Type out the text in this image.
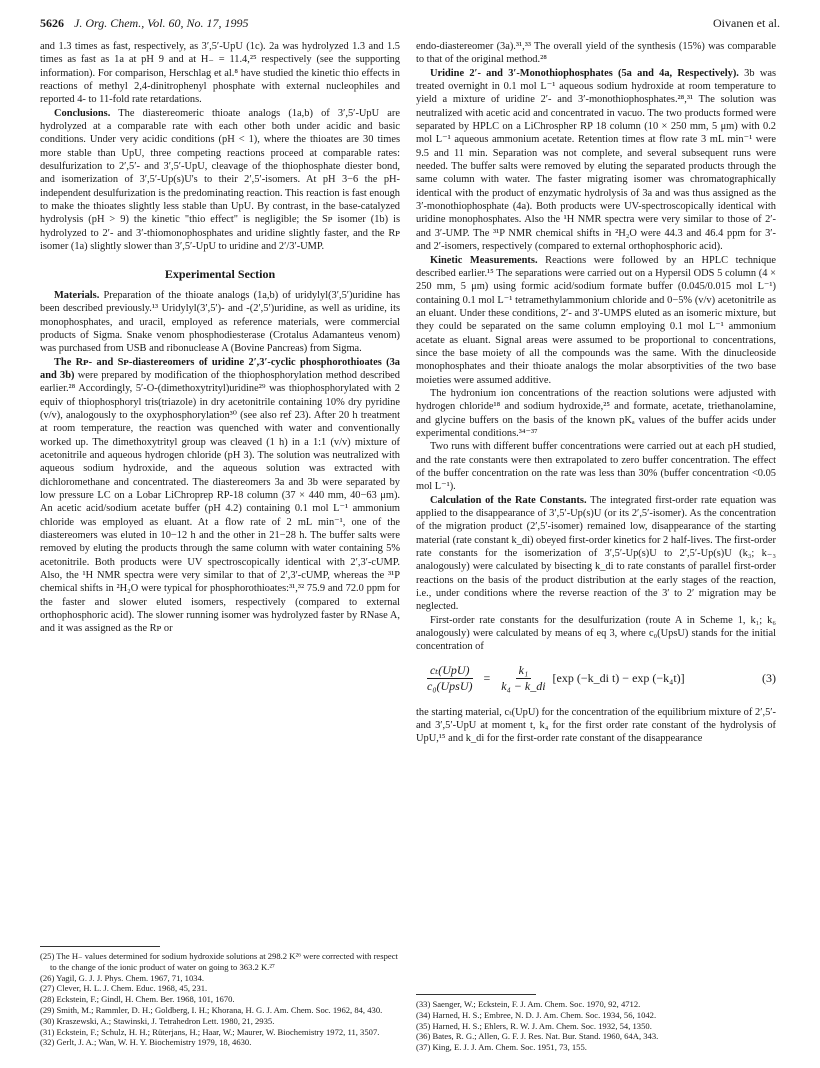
5626 J. Org. Chem., Vol. 60, No. 17, 1995	Oivanen et al.

and 1.3 times as fast, respectively, as 3′,5′-UpU (1c). 2a was hydrolyzed 1.3 and 1.5 times as fast as 1a at pH 9 and at H₋ = 11.4,²⁵ respectively (see the supporting information). For comparison, Herschlag et al.⁸ have studied the kinetic thio effects in reactions of methyl 2,4-dinitrophenyl phosphate with external nucleophiles and reported 4- to 11-fold rate retardations.

Conclusions. The diastereomeric thioate analogs (1a,b) of 3′,5′-UpU are hydrolyzed at a comparable rate with each other both under acidic and basic conditions. Under very acidic conditions (pH < 1), where the thioates are 30 times more stable than UpU, three competing reactions proceed at comparable rates: desulfurization to 2′,5′- and 3′,5′-UpU, cleavage of the thiophosphate diester bond, and isomerization of 3′,5′-Up(s)U's to their 2′,5′-isomers. At pH 3−6 the pH-independent desulfurization is the predominating reaction. This reaction is fast enough to make the thioates slightly less stable than UpU. By contrast, in the base-catalyzed hydrolysis (pH > 9) the kinetic "thio effect" is negligible; the Sᴘ isomer (1b) is hydrolyzed to 2′- and 3′-thiomonophosphates and uridine slightly faster, and the Rᴘ isomer (1a) slightly slower than 3′,5′-UpU to uridine and 2′/3′-UMP.

Experimental Section

Materials. Preparation of the thioate analogs (1a,b) of uridylyl(3′,5′)uridine has been described previously.¹³ Uridylyl(3′,5′)- and -(2′,5′)uridine, as well as uridine, its monophosphates, and uracil, employed as reference materials, were commercial products of Sigma. Snake venom phosphodiesterase (Crotalus Adamanteus venom) was purchased from USB and ribonuclease A (Bovine Pancreas) from Sigma.

The Rᴘ- and Sᴘ-diastereomers of uridine 2′,3′-cyclic phosphorothioates (3a and 3b) were prepared by modification of the thiophosphorylation method described earlier.²⁸ Accordingly, 5′-O-(dimethoxytrityl)uridine²⁹ was thiophosphorylated with 2 equiv of thiophosphoryl tris(triazole) in dry acetonitrile containing 10% dry pyridine (v/v), analogously to the oxyphosphorylation³⁰ (see also ref 23). After 20 h treatment at room temperature, the reaction was quenched with water and conventionally worked up. The dimethoxytrityl group was cleaved (1 h) in a 1:1 (v/v) mixture of acetonitrile and aqueous hydrogen chloride (pH 3). The solution was neutralized with aqueous sodium hydroxide, and the aqueous solution was extracted with dichloromethane and concentrated. The diastereomers 3a and 3b were separated by low pressure LC on a Lobar LiChroprep RP-18 column (37 × 440 mm, 40−63 μm). An acetic acid/sodium acetate buffer (pH 4.2) containing 0.1 mol L⁻¹ ammonium chloride was employed as eluant. At a flow rate of 2 mL min⁻¹, one of the diastereomers was eluted in 10−12 h and the other in 21−28 h. The buffer salts were removed by eluting the products through the same column with water containing 5% acetonitrile. Both products were UV spectroscopically identical with 2′,3′-cUMP. Also, the ¹H NMR spectra were very similar to that of 2′,3′-cUMP, whereas the ³¹P chemical shifts in ²H₂O were typical for phosphorothioates:³¹,³² 75.9 and 72.0 ppm for the faster and slower eluted isomers, respectively (compared to external orthophosphoric acid). The slower running isomer was hydrolyzed faster by RNase A, and it was assigned as the Rᴘ or

(25) The H₋ values determined for sodium hydroxide solutions at 298.2 K²⁶ were corrected with respect to the change of the ionic product of water on going to 363.2 K.²⁷
(26) Yagil, G. J. J. Phys. Chem. 1967, 71, 1034.
(27) Clever, H. L. J. Chem. Educ. 1968, 45, 231.
(28) Eckstein, F.; Gindl, H. Chem. Ber. 1968, 101, 1670.
(29) Smith, M.; Rammler, D. H.; Goldberg, I. H.; Khorana, H. G. J. Am. Chem. Soc. 1962, 84, 430.
(30) Kraszewski, A.; Stawinski, J. Tetrahedron Lett. 1980, 21, 2935.
(31) Eckstein, F.; Schulz, H. H.; Rüterjans, H.; Haar, W.; Maurer, W. Biochemistry 1972, 11, 3507.
(32) Gerlt, J. A.; Wan, W. H. Y. Biochemistry 1979, 18, 4630.

endo-diastereomer (3a).³¹,³³ The overall yield of the synthesis (15%) was comparable to that of the original method.²⁸

Uridine 2′- and 3′-Monothiophosphates (5a and 4a, Respectively). 3b was treated overnight in 0.1 mol L⁻¹ aqueous sodium hydroxide at room temperature to yield a mixture of uridine 2′- and 3′-monothiophosphates.²⁸,³¹ The solution was neutralized with acetic acid and concentrated in vacuo. The two products formed were separated by HPLC on a LiChrospher RP 18 column (10 × 250 mm, 5 μm) with 0.2 mol L⁻¹ aqueous ammonium acetate. Retention times at flow rate 3 mL min⁻¹ were 9.5 and 11 min. Separation was not complete, and several subsequent runs were needed. The buffer salts were removed by eluting the separated products through the same column with water. The faster migrating isomer was chromatographically identical with the product of enzymatic hydrolysis of 3a and was thus assigned as the 3′-monothiophosphate (4a). Both products were UV-spectroscopically identical with uridine monophosphates. Also the ¹H NMR spectra were very similar to those of 2′- and 3′-UMP. The ³¹P NMR chemical shifts in ²H₂O were 44.3 and 46.4 ppm for 3′- and 2′-isomers, respectively (compared to external orthophosphoric acid).

Kinetic Measurements. Reactions were followed by an HPLC technique described earlier.¹⁵ The separations were carried out on a Hypersil ODS 5 column (4 × 250 mm, 5 μm) using formic acid/sodium formate buffer (0.045/0.015 mol L⁻¹) containing 0.1 mol L⁻¹ tetramethylammonium chloride and 0−5% (v/v) acetonitrile as an eluant. Under these conditions, 2′- and 3′-UMPS eluted as an isomeric mixture, but they could be separated on the same column employing 0.1 mol L⁻¹ ammonium acetate as eluant. Signal areas were assumed to be proportional to concentrations, since the base moiety of all the compounds was the same. With the dinucleoside monophosphates and their thioate analogs the molar absorptivities of the two base moieties were assumed additive.

The hydronium ion concentrations of the reaction solutions were adjusted with hydrogen chloride¹⁸ and sodium hydroxide,²⁵ and formate, acetate, triethanolamine, and glycine buffers on the basis of the known pKₐ values of the buffer acids under experimental conditions.³⁴⁻³⁷

Two runs with different buffer concentrations were carried out at each pH studied, and the rate constants were then extrapolated to zero buffer concentration. The effect of the buffer concentration on the rate was less than 30% (buffer concentration <0.05 mol L⁻¹).

Calculation of the Rate Constants. The integrated first-order rate equation was applied to the disappearance of 3′,5′-Up(s)U (or its 2′,5′-isomer). As the concentration of the migration product (2′,5′-isomer) remained low, disappearance of the starting material (rate constant k_di) obeyed first-order kinetics for 2 half-lives. The first-order rate constants for the isomerization of 3′,5′-Up(s)U to 2′,5′-Up(s)U (k₃; k₋₃ analogously) were calculated by bisecting k_di to rate constants of parallel first-order reactions on the basis of the product distribution at the early stages of the reaction, i.e., under conditions where the reverse reaction of the 3′ to 2′ migration may be neglected.

First-order rate constants for the desulfurization (route A in Scheme 1, k₁; k₆ analogously) were calculated by means of eq 3, where c₀(UpsU) stands for the initial concentration of

$\frac{\text{cₜ(UpU)}}{\text{c₀(UpsU)}} = \frac{\text{k₁}}{\text{k₄ − k\_di}} [\exp$ (−k_di t) − exp (−k₄t)]	(3)

the starting material, cₜ(UpU) for the concentration of the equilibrium mixture of 2′,5′- and 3′,5′-UpU at moment t, k₄ for the first order rate constant of the hydrolysis of UpU,¹⁵ and k_di for the first-order rate constant of the disappearance

(33) Saenger, W.; Eckstein, F. J. Am. Chem. Soc. 1970, 92, 4712.
(34) Harned, H. S.; Embree, N. D. J. Am. Chem. Soc. 1934, 56, 1042.
(35) Harned, H. S.; Ehlers, R. W. J. Am. Chem. Soc. 1932, 54, 1350.
(36) Bates, R. G.; Allen, G. F. J. Res. Nat. Bur. Stand. 1960, 64A, 343.
(37) King, E. J. J. Am. Chem. Soc. 1951, 73, 155.
